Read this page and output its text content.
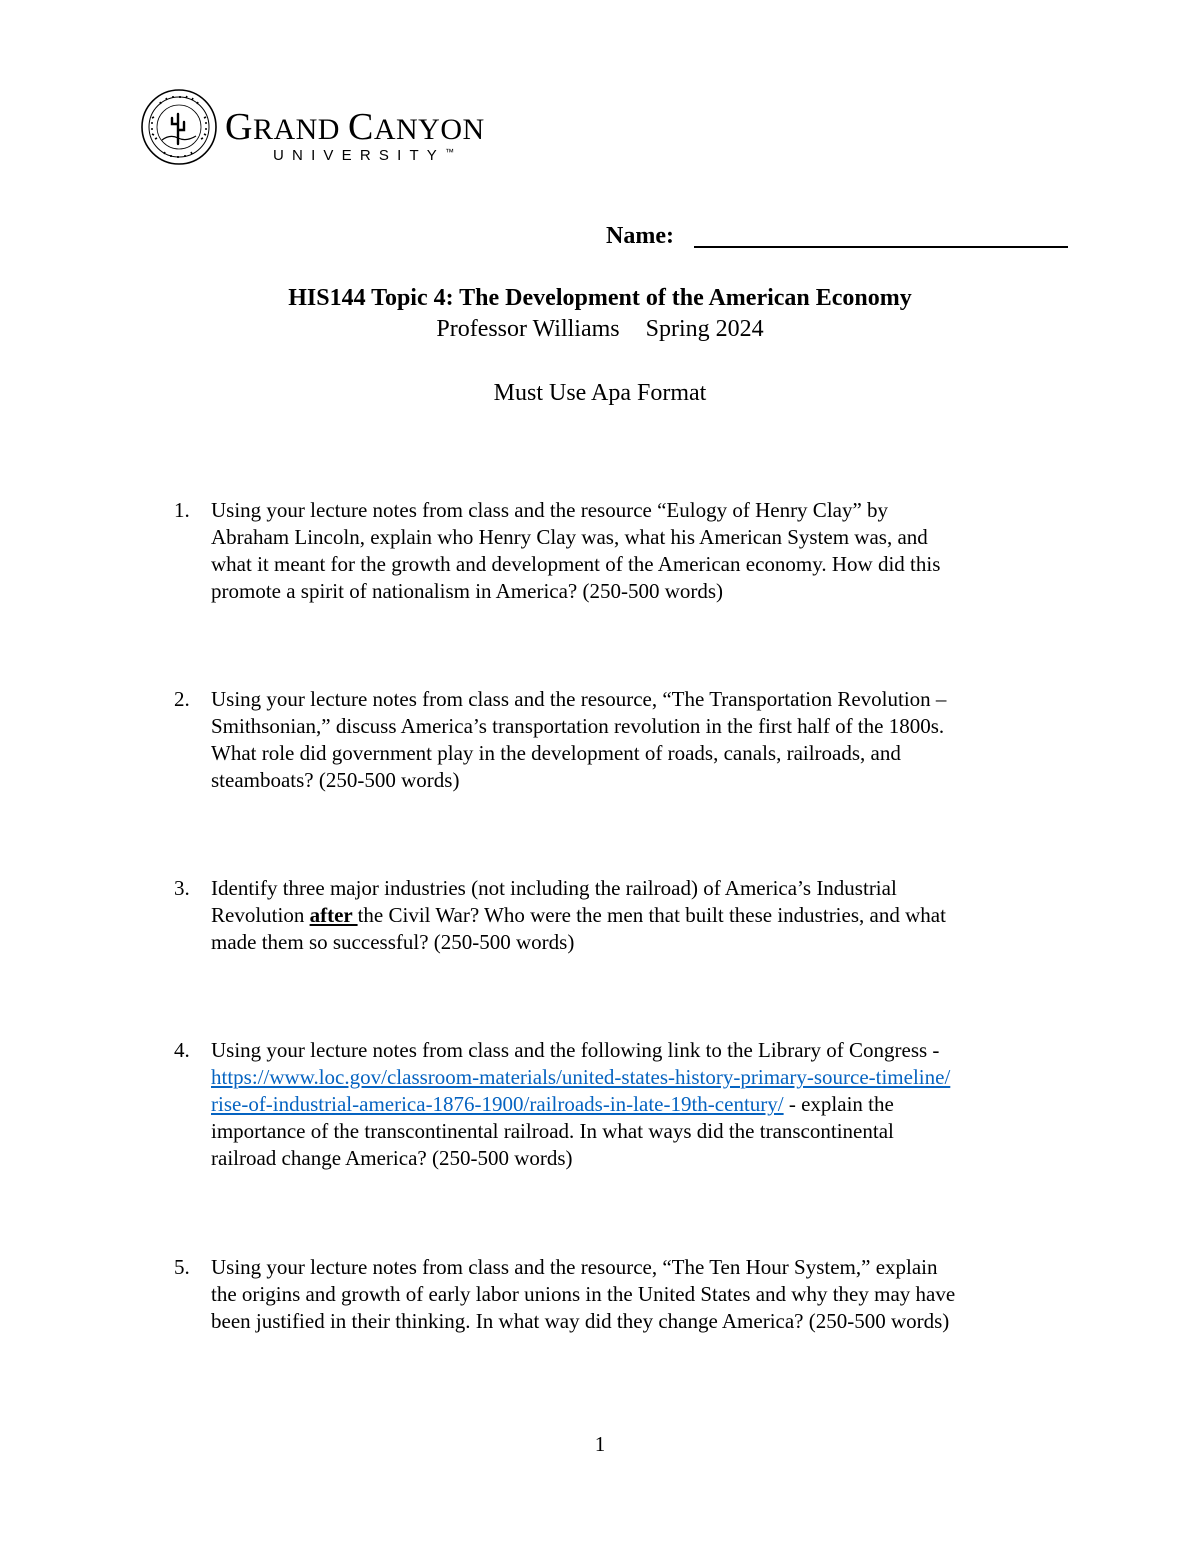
GRAND CANYON
UNIVERSITY™
Name:
HIS144 Topic 4: The Development of the American Economy
Professor Williams Spring 2024
Must Use Apa Format
1.	Using your lecture notes from class and the resource “Eulogy of Henry Clay” by
Abraham Lincoln, explain who Henry Clay was, what his American System was, and
what it meant for the growth and development of the American economy. How did this
promote a spirit of nationalism in America? (250-500 words)
2.	Using your lecture notes from class and the resource, “The Transportation Revolution –
Smithsonian,” discuss America’s transportation revolution in the first half of the 1800s.
What role did government play in the development of roads, canals, railroads, and
steamboats? (250-500 words)
3.	Identify three major industries (not including the railroad) of America’s Industrial
Revolution after the Civil War? Who were the men that built these industries, and what
made them so successful? (250-500 words)
4.	Using your lecture notes from class and the following link to the Library of Congress -
https://www.loc.gov/classroom-materials/united-states-history-primary-source-timeline/
rise-of-industrial-america-1876-1900/railroads-in-late-19th-century/ - explain the
importance of the transcontinental railroad. In what ways did the transcontinental
railroad change America? (250-500 words)
5.	Using your lecture notes from class and the resource, “The Ten Hour System,” explain
the origins and growth of early labor unions in the United States and why they may have
been justified in their thinking. In what way did they change America? (250-500 words)
1
